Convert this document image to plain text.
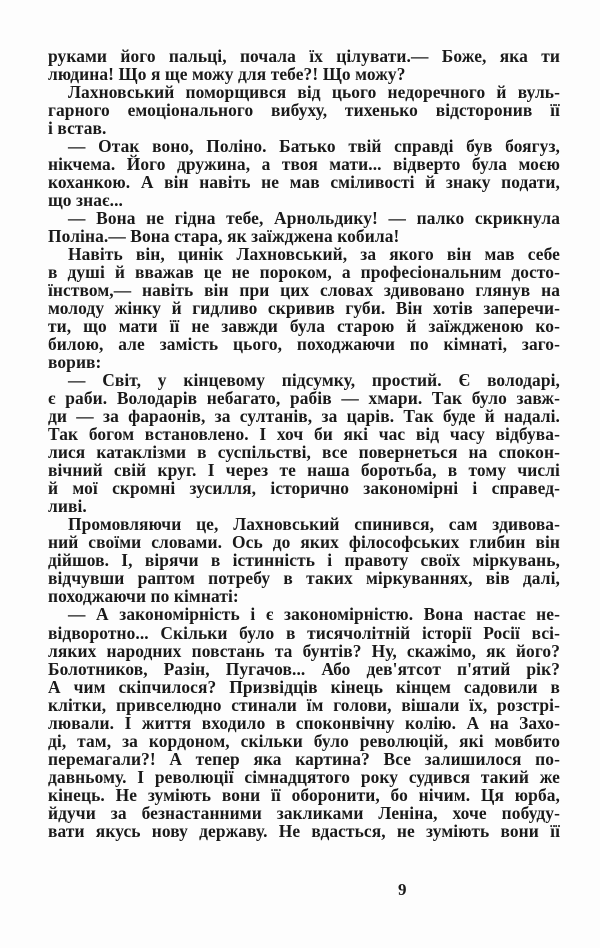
руками його пальці, почала їх цілувати.— Боже, яка ти
людина! Що я ще можу для тебе?! Що можу?
Лахновський поморщився від цього недоречного й вуль-
гарного емоціонального вибуху, тихенько відсторонив її
і встав.
— Отак воно, Поліно. Батько твій справді був боягуз,
нікчема. Його дружина, а твоя мати... відверто була моєю
коханкою. А він навіть не мав сміливості й знаку подати,
що знає...
— Вона не гідна тебе, Арнольдику! — палко скрикнула
Поліна.— Вона стара, як заїжджена кобила!
Навіть він, цинік Лахновський, за якого він мав себе
в душі й вважав це не пороком, а професіональним досто-
їнством,— навіть він при цих словах здивовано глянув на
молоду жінку й гидливо скривив губи. Він хотів заперечи-
ти, що мати її не завжди була старою й заїждженою ко-
билою, але замість цього, походжаючи по кімнаті, заго-
ворив:
— Світ, у кінцевому підсумку, простий. Є володарі,
є раби. Володарів небагато, рабів — хмари. Так було завж-
ди — за фараонів, за султанів, за царів. Так буде й надалі.
Так богом встановлено. І хоч би які час від часу відбува-
лися катаклізми в суспільстві, все повернеться на спокон-
вічний свій круг. І через те наша боротьба, в тому числі
й мої скромні зусилля, історично закономірні і справед-
ливі.
Промовляючи це, Лахновський спинився, сам здивова-
ний своїми словами. Ось до яких філософських глибин він
дійшов. І, вірячи в істинність і правоту своїх міркувань,
відчувши раптом потребу в таких міркуваннях, вів далі,
походжаючи по кімнаті:
— А закономірність і є закономірністю. Вона настає не-
відворотно... Скільки було в тисячолітній історії Росії всі-
ляких народних повстань та бунтів? Ну, скажімо, як його?
Болотников, Разін, Пугачов... Або дев'ятсот п'ятий рік?
А чим скіпчилося? Призвідців кінець кінцем садовили в
клітки, привселюдно стинали їм голови, вішали їх, розстрі-
лювали. І життя входило в споконвічну колію. А на Захо-
ді, там, за кордоном, скільки було революцій, які мовбито
перемагали?! А тепер яка картина? Все залишилося по-
давньому. І революції сімнадцятого року судився такий же
кінець. Не зуміють вони її оборонити, бо нічим. Ця юрба,
йдучи за безнастанними закликами Леніна, хоче побуду-
вати якусь нову державу. Не вдасться, не зуміють вони її
9
